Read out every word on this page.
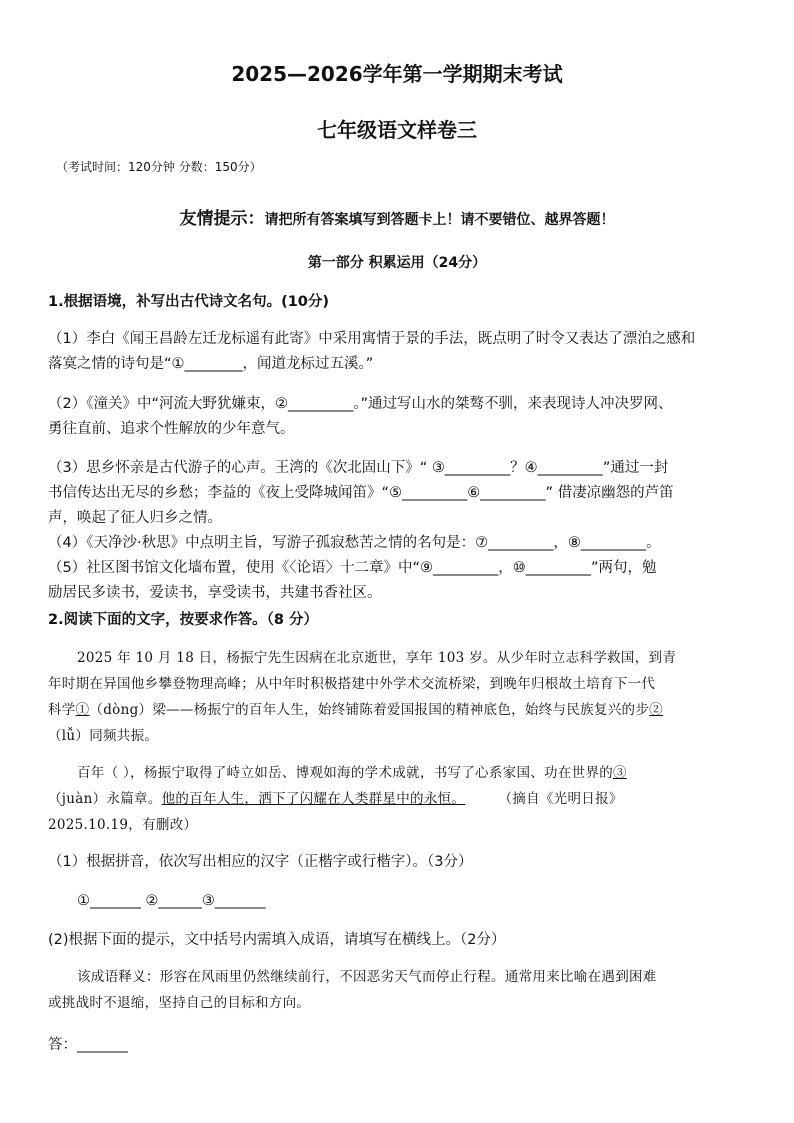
2025—2026学年第一学期期末考试
七年级语文样卷三
（考试时间：120分钟 分数：150分）
友情提示：请把所有答案填写到答题卡上！请不要错位、越界答题！
第一部分 积累运用（24分）
1.根据语境，补写出古代诗文名句。(10分)
（1）李白《闻王昌龄左迁龙标遥有此寄》中采用寓情于景的手法，既点明了时令又表达了漂泊之感和
落寞之情的诗句是“①________，闻道龙标过五溪。”
（2）《潼关》中“河流大野犹嫌束，②_________。”通过写山水的桀骜不驯，来表现诗人冲决罗网、
勇往直前、追求个性解放的少年意气。
（3）思乡怀亲是古代游子的心声。王湾的《次北固山下》“ ③_________？④_________”通过一封
书信传达出无尽的乡愁；李益的《夜上受降城闻笛》“⑤_________⑥_________” 借凄凉幽怨的芦笛
声，唤起了征人归乡之情。
（4）《天净沙·秋思》中点明主旨，写游子孤寂愁苦之情的名句是：⑦_________，⑧_________。
（5）社区图书馆文化墙布置，使用《〈论语〉十二章》中“⑨_________，⑩_________”两句，勉
励居民多读书，爱读书，享受读书，共建书香社区。
2.阅读下面的文字，按要求作答。（8 分）
2025 年 10 月 18 日，杨振宁先生因病在北京逝世，享年 103 岁。从少年时立志科学救国，到青
年时期在异国他乡攀登物理高峰；从中年时积极搭建中外学术交流桥梁，到晚年归根故土培育下一代
科学①（dòng）梁——杨振宁的百年人生，始终铺陈着爱国报国的精神底色，始终与民族复兴的步②
（lǚ）同频共振。
百年（ ），杨振宁取得了峙立如岳、博观如海的学术成就，书写了心系家国、功在世界的③
（juàn）永篇章。他的百年人生，洒下了闪耀在人类群星中的永恒。	（摘自《光明日报》
2025.10.19，有删改）
（1）根据拼音，依次写出相应的汉字（正楷字或行楷字）。（3分）
①_______ ②______③_______
(2)根据下面的提示，文中括号内需填入成语，请填写在横线上。（2分）
该成语释义：形容在风雨里仍然继续前行，不因恶劣天气而停止行程。通常用来比喻在遇到困难
或挑战时不退缩，坚持自己的目标和方向。
答：_______
